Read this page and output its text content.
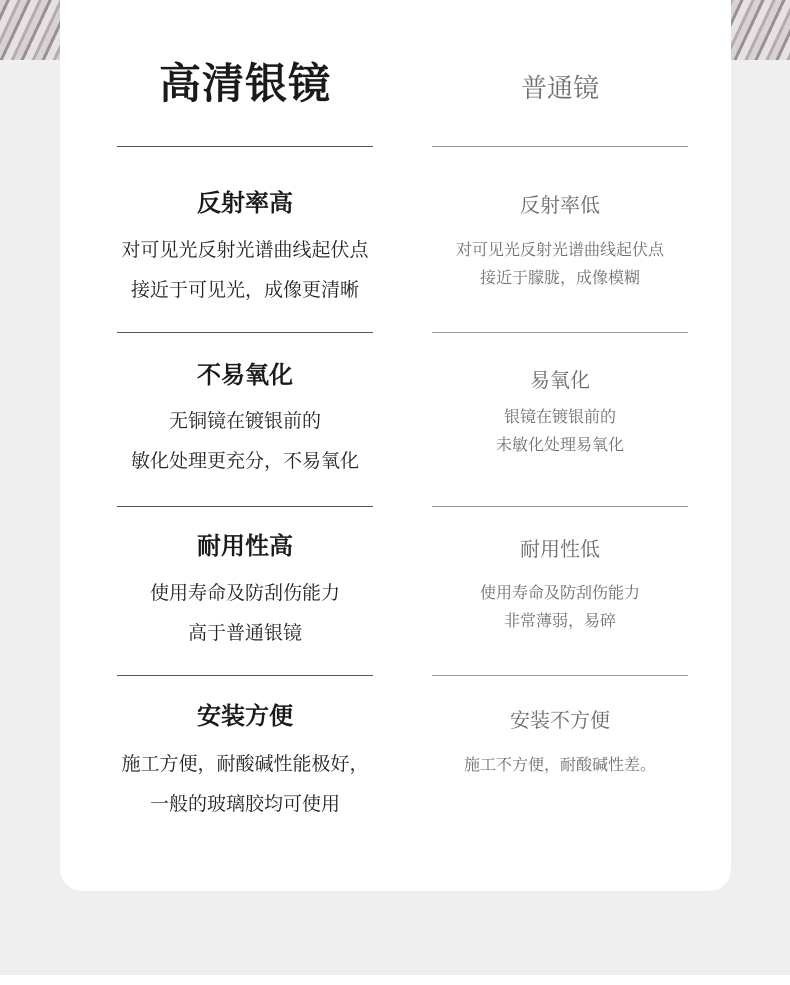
高清银镜
反射率高
对可见光反射光谱曲线起伏点
接近于可见光，成像更清晰
不易氧化
无铜镜在镀银前的
敏化处理更充分，不易氧化
耐用性高
使用寿命及防刮伤能力
高于普通银镜
安装方便
施工方便，耐酸碱性能极好，
一般的玻璃胶均可使用
普通镜
反射率低
对可见光反射光谱曲线起伏点
接近于朦胧，成像模糊
易氧化
银镜在镀银前的
未敏化处理易氧化
耐用性低
使用寿命及防刮伤能力
非常薄弱，易碎
安装不方便
施工不方便，耐酸碱性差。
